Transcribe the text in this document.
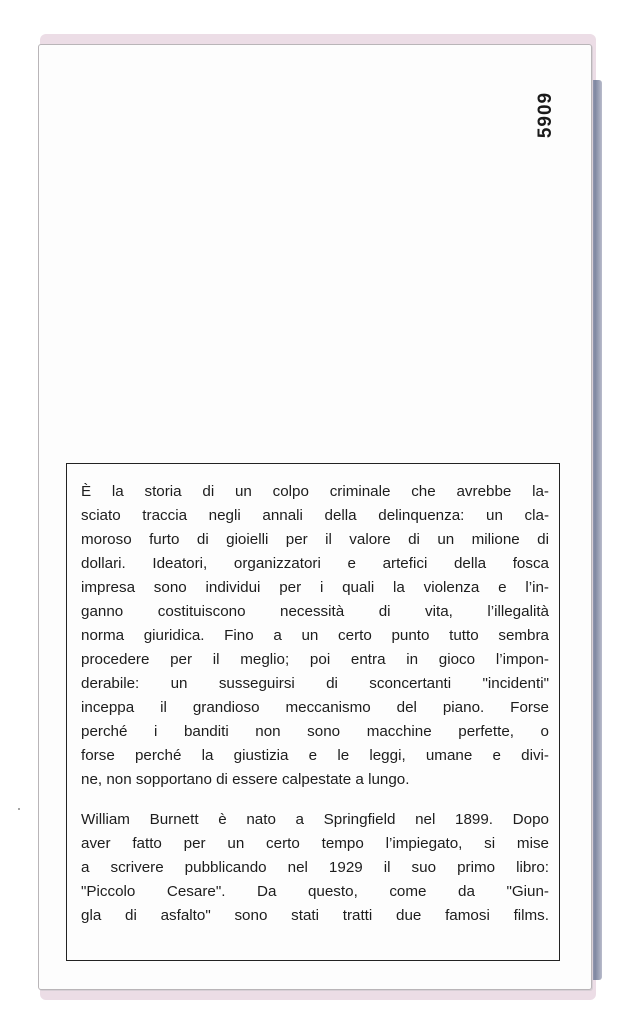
5909

È la storia di un colpo criminale che avrebbe la-
sciato traccia negli annali della delinquenza: un cla-
moroso furto di gioielli per il valore di un milione di
dollari. Ideatori, organizzatori e artefici della fosca
impresa sono individui per i quali la violenza e l’in-
ganno costituiscono necessità di vita, l’illegalità
norma giuridica. Fino a un certo punto tutto sembra
procedere per il meglio; poi entra in gioco l’impon-
derabile: un susseguirsi di sconcertanti "incidenti"
inceppa il grandioso meccanismo del piano. Forse
perché i banditi non sono macchine perfette, o
forse perché la giustizia e le leggi, umane e divi-
ne, non sopportano di essere calpestate a lungo.

William Burnett è nato a Springfield nel 1899. Dopo
aver fatto per un certo tempo l’impiegato, si mise
a scrivere pubblicando nel 1929 il suo primo libro:
"Piccolo Cesare". Da questo, come da "Giun-
gla di asfalto" sono stati tratti due famosi films.
